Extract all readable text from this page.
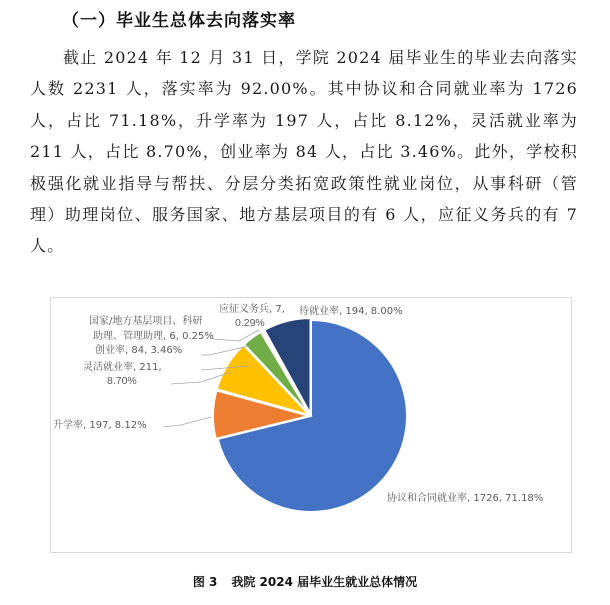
（一）毕业生总体去向落实率
截止 2024 年 12 月 31 日，学院 2024 届毕业生的毕业去向落实人数 2231 人，落实率为 92.00%。其中协议和合同就业率为 1726 人，占比 71.18%，升学率为 197 人，占比 8.12%，灵活就业率为 211 人，占比 8.70%，创业率为 84 人，占比 3.46%。此外，学校积极强化就业指导与帮扶、分层分类拓宽政策性就业岗位，从事科研（管理）助理岗位、服务国家、地方基层项目的有 6 人，应征义务兵的有 7 人。
应征义务兵, 7,
0.29%
待就业率, 194, 8.00%
国家/地方基层项目、科研
助理、管理助理, 6, 0.25%
创业率, 84, 3.46%
灵活就业率, 211,
8.70%
升学率, 197, 8.12%
协议和合同就业率, 1726, 71.18%
图 3 我院 2024 届毕业生就业总体情况
